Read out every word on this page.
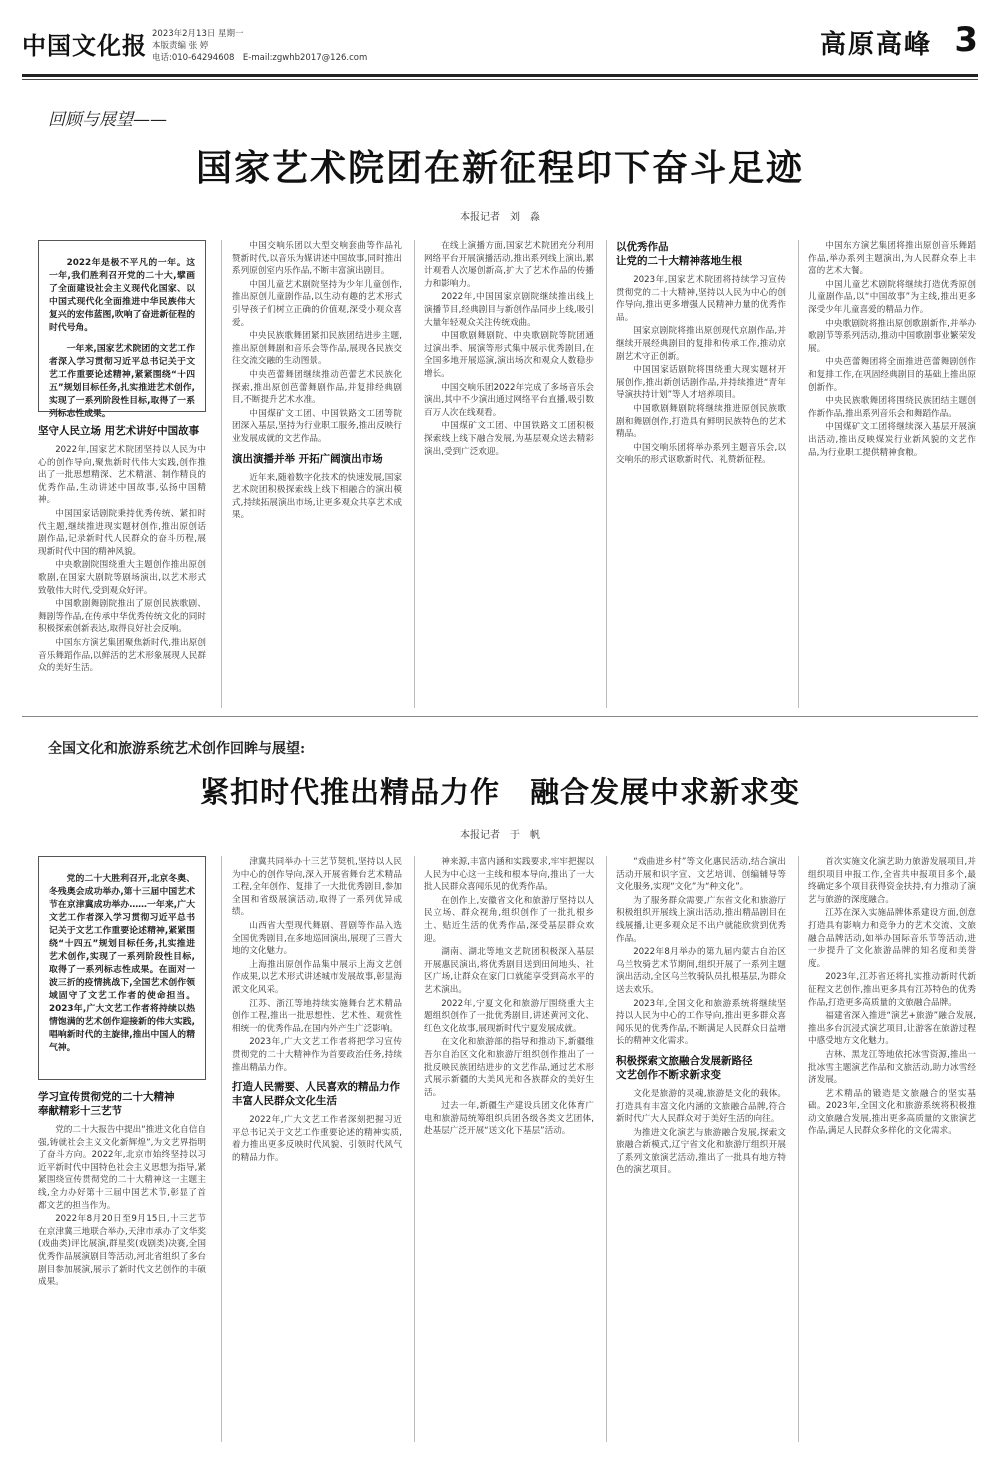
中国文化报 2023年2月13日 星期一
本版责编 张 婷
电话:010-64294608　E-mail:zgwhb2017@126.com	高原高峰 3
回顾与展望——
国家艺术院团在新征程印下奋斗足迹
本报记者　刘　淼

2022年是极不平凡的一年。这一年,我们胜利召开党的二十大,擘画了全面建设社会主义现代化国家、以中国式现代化全面推进中华民族伟大复兴的宏伟蓝图,吹响了奋进新征程的时代号角。

一年来,国家艺术院团的文艺工作者深入学习贯彻习近平总书记关于文艺工作重要论述精神,紧紧围绕“十四五”规划目标任务,扎实推进艺术创作,实现了一系列阶段性目标,取得了一系列标志性成果。

坚守人民立场 用艺术讲好中国故事

2022年,国家艺术院团坚持以人民为中心的创作导向,聚焦新时代伟大实践,创作推出了一批思想精深、艺术精湛、制作精良的优秀作品,生动讲述中国故事,弘扬中国精神。

中国国家话剧院秉持优秀传统、紧扣时代主题,继续推进现实题材创作,推出原创话剧作品,记录新时代人民群众的奋斗历程,展现新时代中国的精神风貌。

中央歌剧院围绕重大主题创作推出原创歌剧,在国家大剧院等剧场演出,以艺术形式致敬伟大时代,受到观众好评。

中国歌剧舞剧院推出了原创民族歌剧、舞剧等作品,在传承中华优秀传统文化的同时积极探索创新表达,取得良好社会反响。

中国东方演艺集团聚焦新时代,推出原创音乐舞蹈作品,以鲜活的艺术形象展现人民群众的美好生活。

中国交响乐团以大型交响套曲等作品礼赞新时代,以音乐为媒讲述中国故事,同时推出系列原创室内乐作品,不断丰富演出剧目。

中国儿童艺术剧院坚持为少年儿童创作,推出原创儿童剧作品,以生动有趣的艺术形式引导孩子们树立正确的价值观,深受小观众喜爱。

中央民族歌舞团紧扣民族团结进步主题,推出原创舞剧和音乐会等作品,展现各民族交往交流交融的生动图景。

中央芭蕾舞团继续推动芭蕾艺术民族化探索,推出原创芭蕾舞剧作品,并复排经典剧目,不断提升艺术水准。

中国煤矿文工团、中国铁路文工团等院团深入基层,坚持为行业职工服务,推出反映行业发展成就的文艺作品。

演出演播并举 开拓广阔演出市场

近年来,随着数字化技术的快速发展,国家艺术院团积极探索线上线下相融合的演出模式,持续拓展演出市场,让更多观众共享艺术成果。

在线上演播方面,国家艺术院团充分利用网络平台开展演播活动,推出系列线上演出,累计观看人次屡创新高,扩大了艺术作品的传播力和影响力。

2022年,中国国家京剧院继续推出线上演播节目,经典剧目与新创作品同步上线,吸引大量年轻观众关注传统戏曲。

中国歌剧舞剧院、中央歌剧院等院团通过演出季、展演等形式集中展示优秀剧目,在全国多地开展巡演,演出场次和观众人数稳步增长。

中国交响乐团2022年完成了多场音乐会演出,其中不少演出通过网络平台直播,吸引数百万人次在线观看。

中国煤矿文工团、中国铁路文工团积极探索线上线下融合发展,为基层观众送去精彩演出,受到广泛欢迎。

以优秀作品
让党的二十大精神落地生根

2023年,国家艺术院团将持续学习宣传贯彻党的二十大精神,坚持以人民为中心的创作导向,推出更多增强人民精神力量的优秀作品。

国家京剧院将推出原创现代京剧作品,并继续开展经典剧目的复排和传承工作,推动京剧艺术守正创新。

中国国家话剧院将围绕重大现实题材开展创作,推出新创话剧作品,并持续推进“青年导演扶持计划”等人才培养项目。

中国歌剧舞剧院将继续推进原创民族歌剧和舞剧创作,打造具有鲜明民族特色的艺术精品。

中国交响乐团将举办系列主题音乐会,以交响乐的形式讴歌新时代、礼赞新征程。

中国东方演艺集团将推出原创音乐舞蹈作品,举办系列主题演出,为人民群众奉上丰富的艺术大餐。

中国儿童艺术剧院将继续打造优秀原创儿童剧作品,以“中国故事”为主线,推出更多深受少年儿童喜爱的精品力作。

中央歌剧院将推出原创歌剧新作,并举办歌剧节等系列活动,推动中国歌剧事业繁荣发展。

中央芭蕾舞团将全面推进芭蕾舞剧创作和复排工作,在巩固经典剧目的基础上推出原创新作。

中央民族歌舞团将围绕民族团结主题创作新作品,推出系列音乐会和舞蹈作品。

中国煤矿文工团将继续深入基层开展演出活动,推出反映煤炭行业新风貌的文艺作品,为行业职工提供精神食粮。

全国文化和旅游系统艺术创作回眸与展望:
紧扣时代推出精品力作　融合发展中求新求变
本报记者　于　帆

党的二十大胜利召开,北京冬奥、冬残奥会成功举办,第十三届中国艺术节在京津冀成功举办……一年来,广大文艺工作者深入学习贯彻习近平总书记关于文艺工作重要论述精神,紧紧围绕“十四五”规划目标任务,扎实推进艺术创作,实现了一系列阶段性目标,取得了一系列标志性成果。在面对一波三折的疫情挑战下,全国艺术创作领域固守了文艺工作者的使命担当。2023年,广大文艺工作者将持续以热情饱满的艺术创作迎接新的伟大实践,唱响新时代的主旋律,推出中国人的精气神。

学习宣传贯彻党的二十大精神
奉献精彩十三艺节

党的二十大报告中提出“推进文化自信自强,铸就社会主义文化新辉煌”,为文艺界指明了奋斗方向。2022年,北京市始终坚持以习近平新时代中国特色社会主义思想为指导,紧紧围绕宣传贯彻党的二十大精神这一主题主线,全力办好第十三届中国艺术节,彰显了首都文艺的担当作为。

2022年8月20日至9月15日,十三艺节在京津冀三地联合举办,天津市承办了文华奖(戏曲类)评比展演,群星奖(戏剧类)决赛,全国优秀作品展演剧目等活动,河北省组织了多台剧目参加展演,展示了新时代文艺创作的丰硕成果。

津冀共同举办十三艺节契机,坚持以人民为中心的创作导向,深入开展省舞台艺术精品工程,全年创作、复排了一大批优秀剧目,参加全国和省级展演活动,取得了一系列优异成绩。

山西省大型现代舞剧、晋剧等作品入选全国优秀剧目,在多地巡回演出,展现了三晋大地的文化魅力。

上海推出原创作品集中展示上海文艺创作成果,以艺术形式讲述城市发展故事,彰显海派文化风采。

江苏、浙江等地持续实施舞台艺术精品创作工程,推出一批思想性、艺术性、观赏性相统一的优秀作品,在国内外产生广泛影响。

2023年,广大文艺工作者将把学习宣传贯彻党的二十大精神作为首要政治任务,持续推出精品力作。

打造人民需要、人民喜欢的精品力作
丰富人民群众文化生活

2022年,广大文艺工作者深刻把握习近平总书记关于文艺工作重要论述的精神实质,着力推出更多反映时代风貌、引领时代风气的精品力作。

神来源,丰富内涵和实践要求,牢牢把握以人民为中心这一主线和根本导向,推出了一大批人民群众喜闻乐见的优秀作品。

在创作上,安徽省文化和旅游厅坚持以人民立场、群众视角,组织创作了一批扎根乡土、贴近生活的优秀作品,深受基层群众欢迎。

湖南、湖北等地文艺院团积极深入基层开展惠民演出,将优秀剧目送到田间地头、社区广场,让群众在家门口就能享受到高水平的艺术演出。

2022年,宁夏文化和旅游厅围绕重大主题组织创作了一批优秀剧目,讲述黄河文化、红色文化故事,展现新时代宁夏发展成就。

在文化和旅游部的指导和推动下,新疆维吾尔自治区文化和旅游厅组织创作推出了一批反映民族团结进步的文艺作品,通过艺术形式展示新疆的大美风光和各族群众的美好生活。

过去一年,新疆生产建设兵团文化体育广电和旅游局统筹组织兵团各级各类文艺团体,赴基层广泛开展“送文化下基层”活动。

“戏曲进乡村”等文化惠民活动,结合演出活动开展和识字宣、文艺培训、创编辅导等文化服务,实现“文化”为“种文化”。

为了服务群众需要,广东省文化和旅游厅积极组织开展线上演出活动,推出精品剧目在线展播,让更多观众足不出户就能欣赏到优秀作品。

2022年8月举办的第九届内蒙古自治区乌兰牧骑艺术节期间,组织开展了一系列主题演出活动,全区乌兰牧骑队员扎根基层,为群众送去欢乐。

2023年,全国文化和旅游系统将继续坚持以人民为中心的工作导向,推出更多群众喜闻乐见的优秀作品,不断满足人民群众日益增长的精神文化需求。

积极探索文旅融合发展新路径
文艺创作不断求新求变

文化是旅游的灵魂,旅游是文化的载体。打造具有丰富文化内涵的文旅融合品牌,符合新时代广大人民群众对于美好生活的向往。

为推进文化演艺与旅游融合发展,探索文旅融合新模式,辽宁省文化和旅游厅组织开展了系列文旅演艺活动,推出了一批具有地方特色的演艺项目。

首次实施文化演艺助力旅游发展项目,并组织项目申报工作,全省共申报项目多个,最终确定多个项目获得资金扶持,有力推动了演艺与旅游的深度融合。

江苏在深入实施品牌体系建设方面,创意打造具有影响力和竞争力的艺术交流、文旅融合品牌活动,如举办国际音乐节等活动,进一步提升了文化旅游品牌的知名度和美誉度。

2023年,江苏省还将扎实推动新时代新征程文艺创作,推出更多具有江苏特色的优秀作品,打造更多高质量的文旅融合品牌。

福建省深入推进“演艺+旅游”融合发展,推出多台沉浸式演艺项目,让游客在旅游过程中感受地方文化魅力。

吉林、黑龙江等地依托冰雪资源,推出一批冰雪主题演艺作品和文旅活动,助力冰雪经济发展。

艺术精品的锻造是文旅融合的坚实基础。2023年,全国文化和旅游系统将积极推动文旅融合发展,推出更多高质量的文旅演艺作品,满足人民群众多样化的文化需求。
